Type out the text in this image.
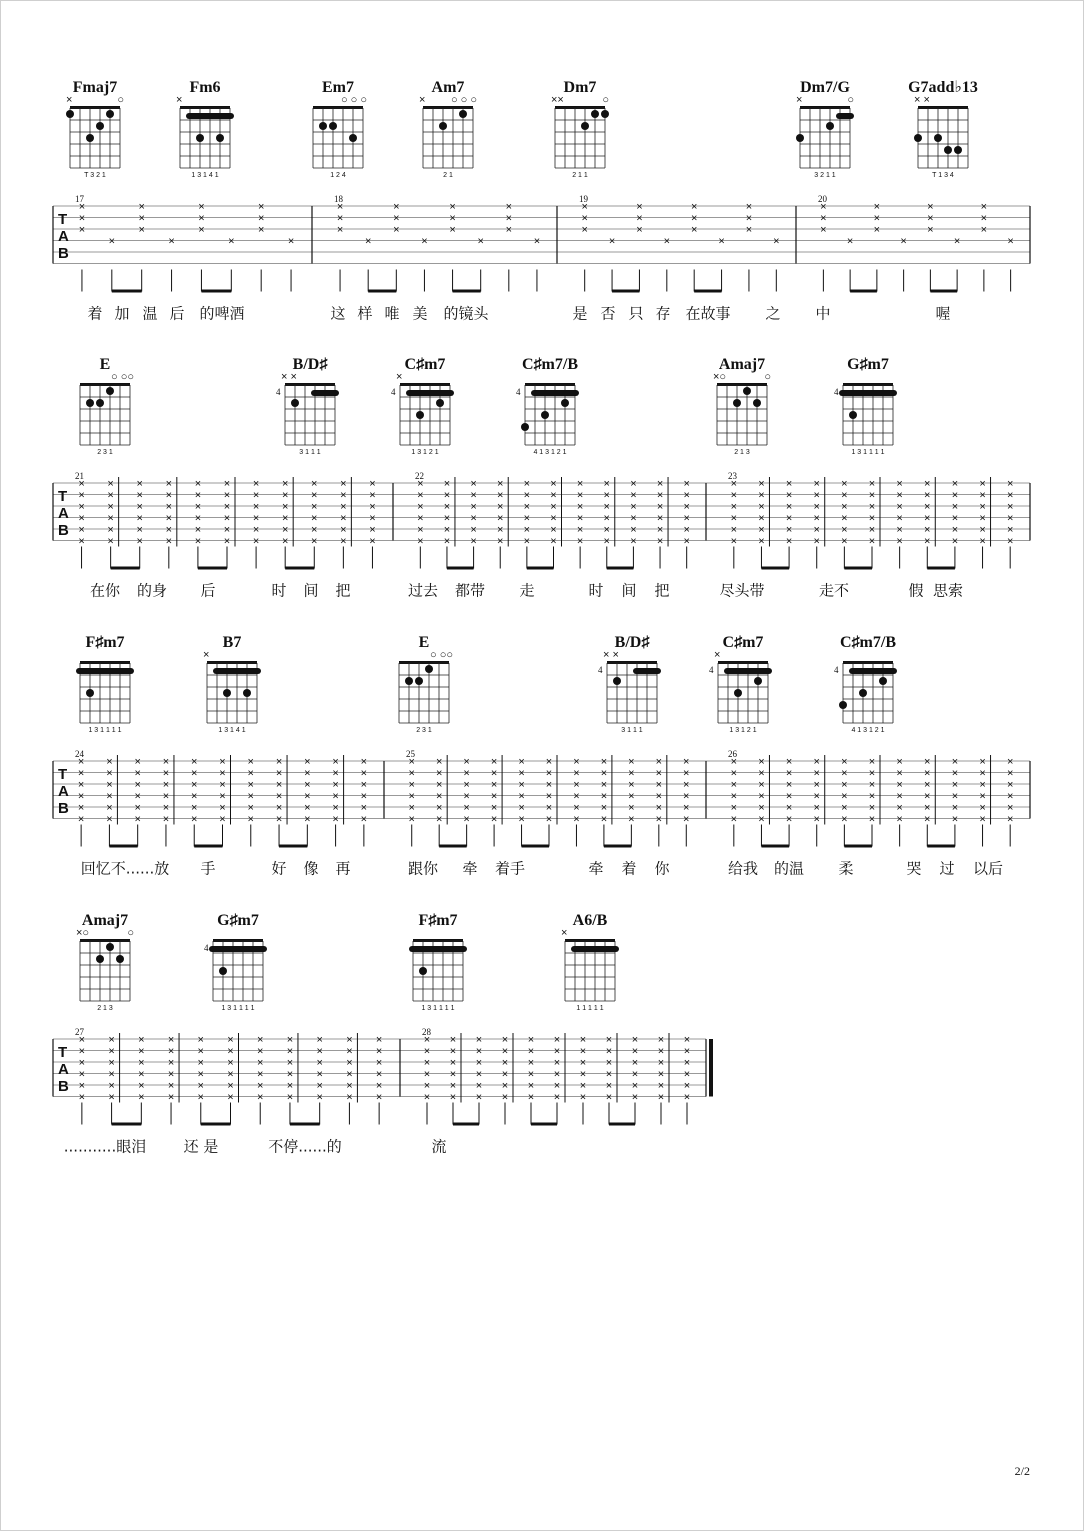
Fmaj7
×	○
T 3 2 1
Fm6
×
1 3 1 4 1
Em7
○ ○ ○
1 2 4
Am7
× ○ ○ ○
2 1
Dm7
××	○
2 1 1
Dm7/G
×	○
3 2 1 1
G7add♭13
× ×
T 1 3 4
T
A
B
17	18	19	20
×
×
×
×
×
×
×
×
×
×
×
×
×
×
×
×
×
×
×
×
×
×
×
×
×
×
×
×
×
×
×
×
×
×
×
×
×
×
×
×
×
×
×
×
×
×
×
×
×
×
×
×
×
×
×
×
×
×
×
×
×
×
×
×
着 加 温 后 的啤酒	这 样 唯 美 的镜头	是 否 只 存 在故事 之 中	喔
E
○ ○○
2 3 1
B/D♯
× ×
4
3 1 1 1
C♯m7
×
4
1 3 1 2 1
C♯m7/B
4
4 1 3 1 2 1
Amaj7
×○	○
2 1 3
G♯m7
4
1 3 1 1 1 1
T
A
B
21	22	23
×
×
×
×
×
×
×
×
×
×
×
×
×
×
×
×
×
×
×
×
×
×
×
×
×
×
×
×
×
×
×
×
×
×
×
×
×
×
×
×
×
×
×
×
×
×
×
×
×
×
×
×
×
×
×
×
×
×
×
×
×
×
×
×
×
×
×
×
×
×
×
×
×
×
×
×
×
×
×
×
×
×
×
×
×
×
×
×
×
×
×
×
×
×
×
×
×
×
×
×
×
×
×
×
×
×
×
×
×
×
×
×
×
×
×
×
×
×
×
×
×
×
×
×
×
×
×
×
×
×
×
×
×
×
×
×
×
×
×
×
×
×
×
×
×
×
×
×
×
×
×
×
×
×
×
×
×
×
×
×
×
×
×
×
×
×
×
×
×
×
×
×
×
×
×
×
×
×
×
×
×
×
×
×
×
×
×
×
×
×
×
×
×
×
×
×
×
×
在你 的身 后	时 间 把	过去 都带 走	时 间 把	尽头带	走不	假 思索
F♯m7
1 3 1 1 1 1
B7
×
1 3 1 4 1
E
○ ○○
2 3 1
B/D♯
× ×
4
3 1 1 1
C♯m7
×
4
1 3 1 2 1
C♯m7/B
4
4 1 3 1 2 1
T
A
B
24	25	26
×
×
×
×
×
×
×
×
×
×
×
×
×
×
×
×
×
×
×
×
×
×
×
×
×
×
×
×
×
×
×
×
×
×
×
×
×
×
×
×
×
×
×
×
×
×
×
×
×
×
×
×
×
×
×
×
×
×
×
×
×
×
×
×
×
×
×
×
×
×
×
×
×
×
×
×
×
×
×
×
×
×
×
×
×
×
×
×
×
×
×
×
×
×
×
×
×
×
×
×
×
×
×
×
×
×
×
×
×
×
×
×
×
×
×
×
×
×
×
×
×
×
×
×
×
×
×
×
×
×
×
×
×
×
×
×
×
×
×
×
×
×
×
×
×
×
×
×
×
×
×
×
×
×
×
×
×
×
×
×
×
×
×
×
×
×
×
×
×
×
×
×
×
×
×
×
×
×
×
×
×
×
×
×
×
×
×
×
×
×
×
×
×
×
×
×
×
×
回忆不......放 手	好 像 再	跟你 牵 着手	牵 着 你	给我 的温 柔	哭 过 以后
Amaj7
×○	○
2 1 3
G♯m7
4
1 3 1 1 1 1
F♯m7
1 3 1 1 1 1
A6/B
×
1 1 1 1 1
T
A
B
27	28
×
×
×
×
×
×
×
×
×
×
×
×
×
×
×
×
×
×
×
×
×
×
×
×
×
×
×
×
×
×
×
×
×
×
×
×
×
×
×
×
×
×
×
×
×
×
×
×
×
×
×
×
×
×
×
×
×
×
×
×
×
×
×
×
×
×
×
×
×
×
×
×
×
×
×
×
×
×
×
×
×
×
×
×
×
×
×
×
×
×
×
×
×
×
×
×
×
×
×
×
×
×
×
×
×
×
×
×
×
×
×
×
×
×
×
×
×
×
×
×
×
×
×
×
×
×
×
×
×
×
×
×
...........眼泪 还 是	不停......的	流
2/2
